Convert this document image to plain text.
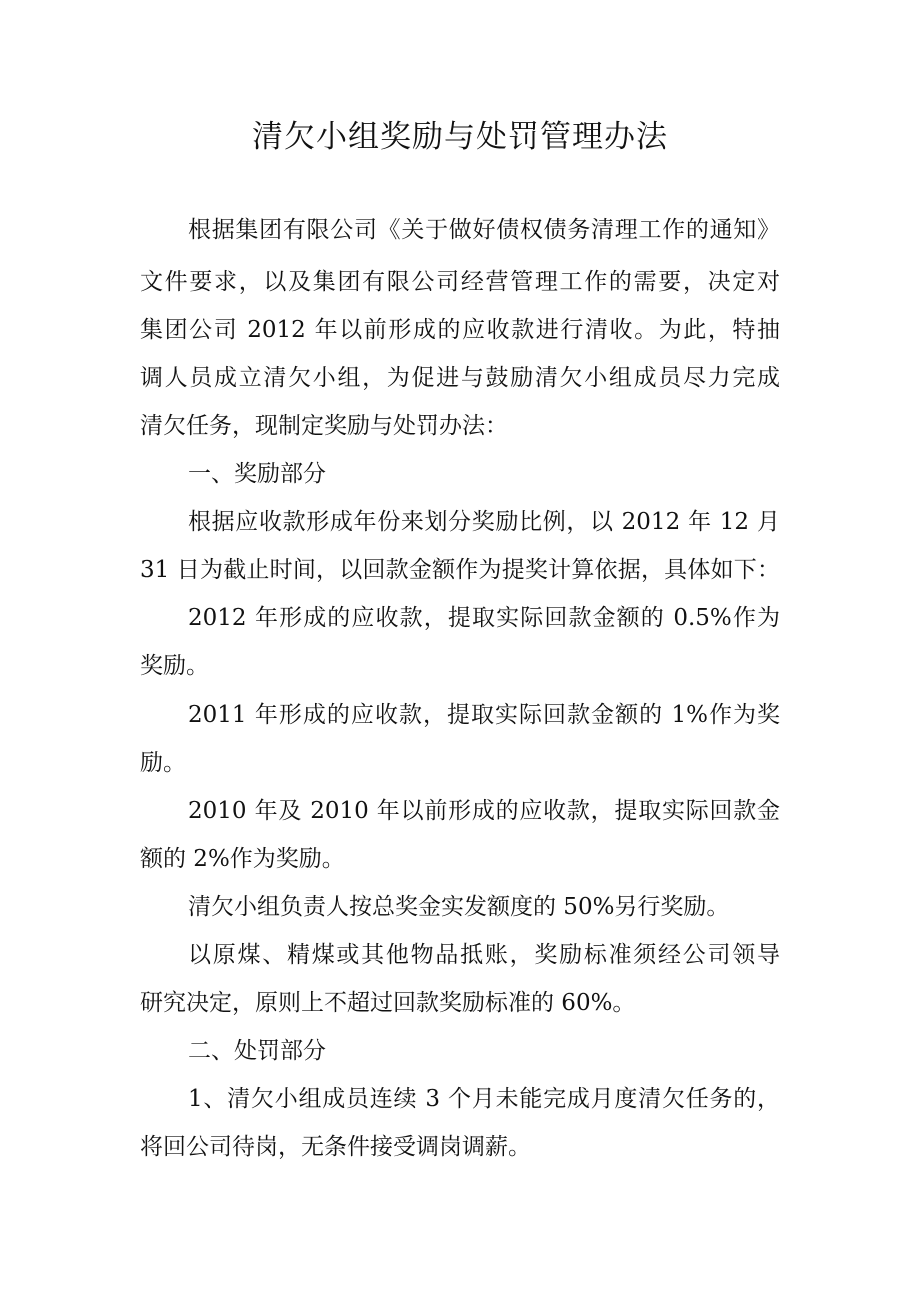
清欠小组奖励与处罚管理办法
根据集团有限公司《关于做好债权债务清理工作的通知》
文件要求，以及集团有限公司经营管理工作的需要，决定对
集团公司 2012 年以前形成的应收款进行清收。为此，特抽
调人员成立清欠小组，为促进与鼓励清欠小组成员尽力完成
清欠任务，现制定奖励与处罚办法：
一、奖励部分
根据应收款形成年份来划分奖励比例，以 2012 年 12 月
31 日为截止时间，以回款金额作为提奖计算依据，具体如下：
2012 年形成的应收款，提取实际回款金额的 0.5%作为
奖励。
2011 年形成的应收款，提取实际回款金额的 1%作为奖
励。
2010 年及 2010 年以前形成的应收款，提取实际回款金
额的 2%作为奖励。
清欠小组负责人按总奖金实发额度的 50%另行奖励。
以原煤、精煤或其他物品抵账，奖励标准须经公司领导
研究决定，原则上不超过回款奖励标准的 60%。
二、处罚部分
1、清欠小组成员连续 3 个月未能完成月度清欠任务的，
将回公司待岗，无条件接受调岗调薪。
